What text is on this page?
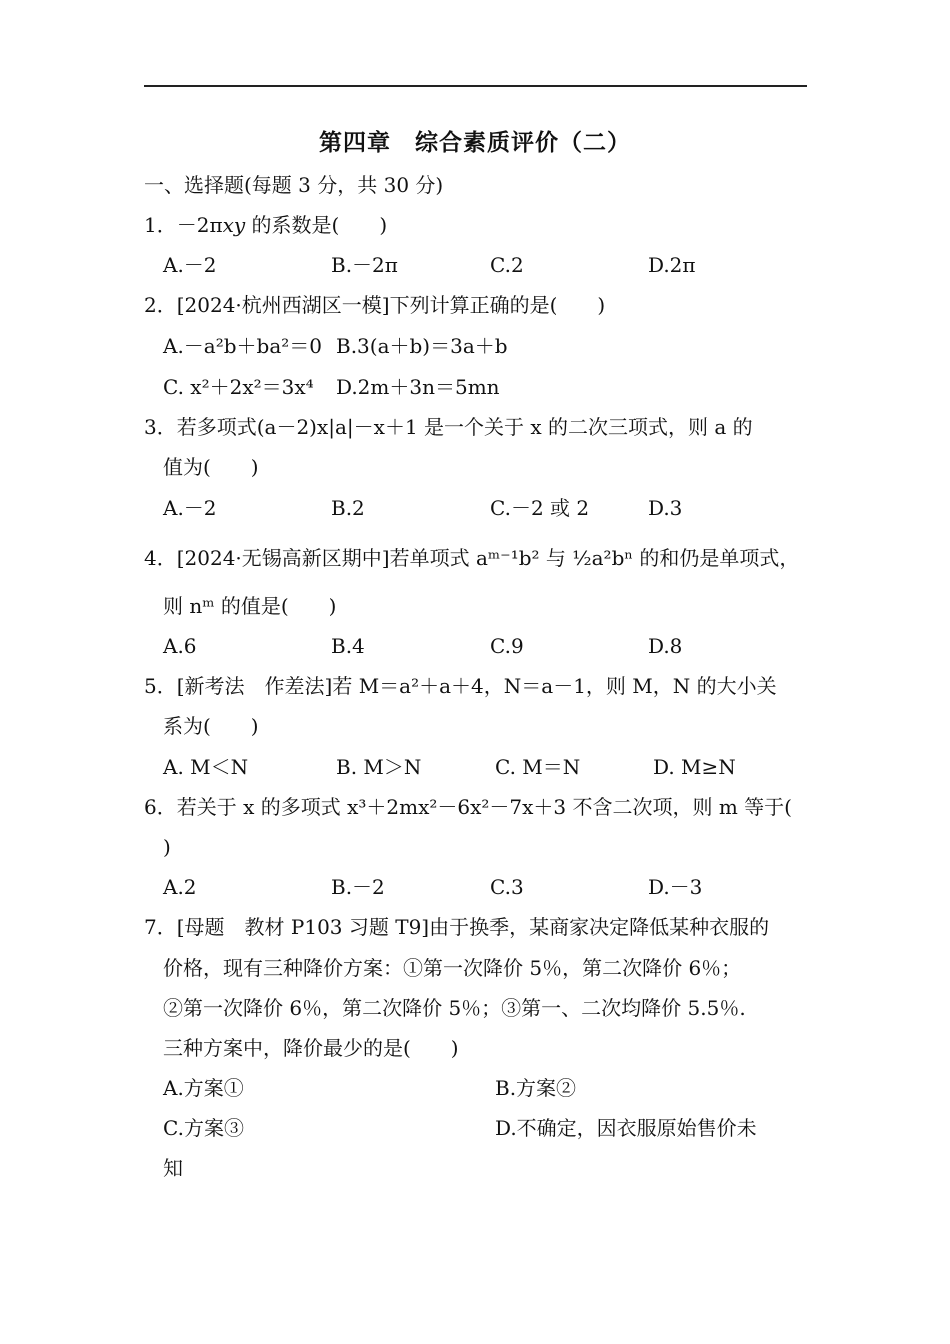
第四章　综合素质评价（二）
一、选择题(每题 3 分，共 30 分)
1．－2πxy 的系数是(　　)
A.－2	B.－2π	C.2	D.2π
2．[2024·杭州西湖区一模]下列计算正确的是(　　)
A.－a²b＋ba²＝0 B.3(a＋b)＝3a＋b
C. x²＋2x²＝3x⁴ D.2m＋3n＝5mn
3．若多项式(a－2)x|a|－x＋1 是一个关于 x 的二次三项式，则 a 的
值为(　　)
A.－2	B.2	C.－2 或 2	D.3
4．[2024·无锡高新区期中]若单项式 aᵐ⁻¹b² 与 ½a²bⁿ 的和仍是单项式，
则 nᵐ 的值是(　　)
A.6	B.4	C.9	D.8
5．[新考法　作差法]若 M＝a²＋a＋4，N＝a－1，则 M，N 的大小关
系为(　　)
A. M＜N	B. M＞N	C. M＝N	D. M≥N
6．若关于 x 的多项式 x³＋2mx²－6x²－7x＋3 不含二次项，则 m 等于(
)
A.2	B.－2	C.3	D.－3
7．[母题　教材 P103 习题 T9]由于换季，某商家决定降低某种衣服的
价格，现有三种降价方案：①第一次降价 5％，第二次降价 6％；
②第一次降价 6％，第二次降价 5％；③第一、二次均降价 5.5％.
三种方案中，降价最少的是(　　)
A.方案①	B.方案②
C.方案③	D.不确定，因衣服原始售价未
知
